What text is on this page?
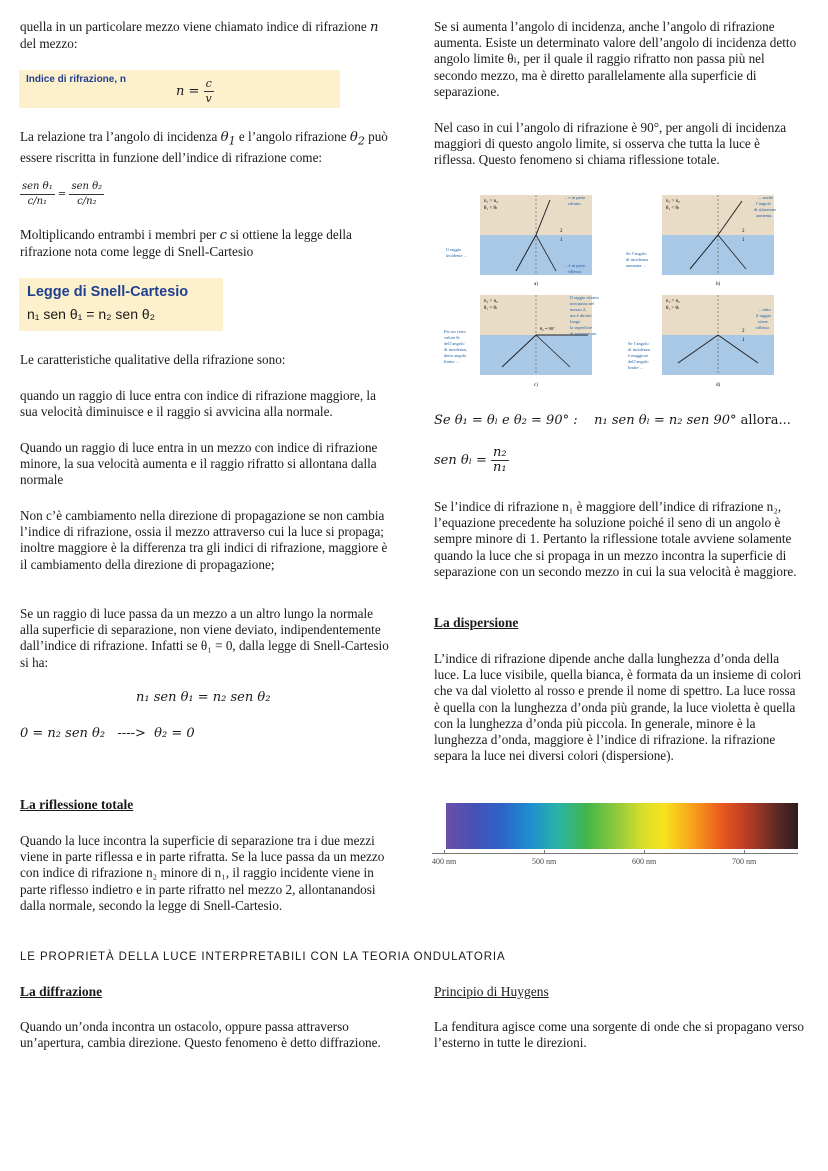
quella in un particolare mezzo viene chiamato indice di rifrazione n del mezzo:

Indice di rifrazione, n
$n = \frac{c}{v}$

La relazione tra l’angolo di incidenza $\theta_1$ e l’angolo rifrazione $\theta_2$ può essere riscritta in funzione dell’indice di rifrazione come:

$\frac{\text{sen θ₁}}{\text{c/n₁}} = \frac{\text{sen θ₂}}{\text{c/n₂}}$

Moltiplicando entrambi i membri per c si ottiene la legge della rifrazione nota come legge di Snell-Cartesio

Legge di Snell-Cartesio
n₁ sen θ₁ = n₂ sen θ₂

Le caratteristiche qualitative della rifrazione sono:

quando un raggio di luce entra con indice di rifrazione maggiore, la sua velocità diminuisce e il raggio si avvicina alla normale.

Quando un raggio di luce entra in un mezzo con indice di rifrazione minore, la sua velocità aumenta e il raggio rifratto si allontana dalla normale

Non c’è cambiamento nella direzione di propagazione se non cambia l’indice di rifrazione, ossia il mezzo attraverso cui la luce si propaga; inoltre maggiore è la differenza tra gli indici di rifrazione, maggiore è il cambiamento della direzione di propagazione;

Se un raggio di luce passa da un mezzo a un altro lungo la normale alla superficie di separazione, non viene deviato, indipendentemente dall’indice di rifrazione. Infatti se θ₁ = 0, dalla legge di Snell-Cartesio si ha:

n₁ sen θ₁ = n₂ sen θ₂
0 = n₂ sen θ₂   ---->  θ₂ = 0

La riflessione totale

Quando la luce incontra la superficie di separazione tra i due mezzi viene in parte riflessa e in parte rifratta. Se la luce passa da un mezzo con indice di rifrazione n₂ minore di n₁, il raggio incidente viene in parte riflesso indietro e in parte rifratto nel mezzo 2, allontanandosi dalla normale, secondo la legge di Snell-Cartesio.

Se si aumenta l’angolo di incidenza, anche l’angolo di rifrazione aumenta. Esiste un determinato valore dell’angolo di incidenza detto angolo limite θₗ, per il quale il raggio rifratto non passa più nel secondo mezzo, ma è diretto parallelamente alla superficie di separazione.

Nel caso in cui l’angolo di rifrazione è 90°, per angoli di incidenza maggiori di questo angolo limite, si osserva che tutta la luce è riflessa. Questo fenomeno si chiama riflessione totale.

n₁ > n₂
θ₁ < θₗ
... e in parte
rifratto.
Il raggio
incidente ...
... è in parte
riflesso.
2
1
a)
n₁ > n₂
θ₁ < θₗ
... anche
l’angolo
di rifrazione
aumenta.
Se l’angolo
di incidenza
aumenta ...
2
1
b)
n₁ > n₂
θ₁ = θₗ
θ₂ = 90°
Il raggio rifratto
non passa nel
mezzo 2,
ma è diretto
lungo
la superficie
di separazione.
Per un certo
valore θₗ
dell’angolo
di incidenza,
detto angolo
limite ...
c)
n₁ > n₂
θ₁ > θₗ	... tutto
il raggio
viene
riflesso.
Se l’angolo
di incidenza
è maggiore
dell’angolo
limite ...
2
1
d)
Se θ₁ = θₗ e θ₂ = 90° : n₁ sen θₗ = n₂ sen 90° allora...
sen $\theta_l = \frac{\text{n₂}}{\text{n₁}}$

Se l’indice di rifrazione n₁ è maggiore dell’indice di rifrazione n₂, l’equazione precedente ha soluzione poiché il seno di un angolo è sempre minore di 1. Pertanto la riflessione totale avviene solamente quando la luce che si propaga in un mezzo incontra la superficie di separazione con un secondo mezzo in cui la sua velocità è maggiore.

La dispersione

L’indice di rifrazione dipende anche dalla lunghezza d’onda della luce. La luce visibile, quella bianca, è formata da un insieme di colori che va dal violetto al rosso e prende il nome di spettro. La luce rossa è quella con la lunghezza d’onda più grande, la luce violetta è quella con la lunghezza d’onda più piccola. In generale, minore è la lunghezza d’onda, maggiore è l’indice di rifrazione. la rifrazione separa la luce nei diversi colori (dispersione).

400 nm	500 nm	600 nm	700 nm

LE PROPRIETÀ DELLA LUCE INTERPRETABILI CON LA TEORIA ONDULATORIA

La diffrazione

Quando un’onda incontra un ostacolo, oppure passa attraverso un’apertura, cambia direzione. Questo fenomeno è detto diffrazione.

Principio di Huygens

La fenditura agisce come una sorgente di onde che si propagano verso l’esterno in tutte le direzioni.
